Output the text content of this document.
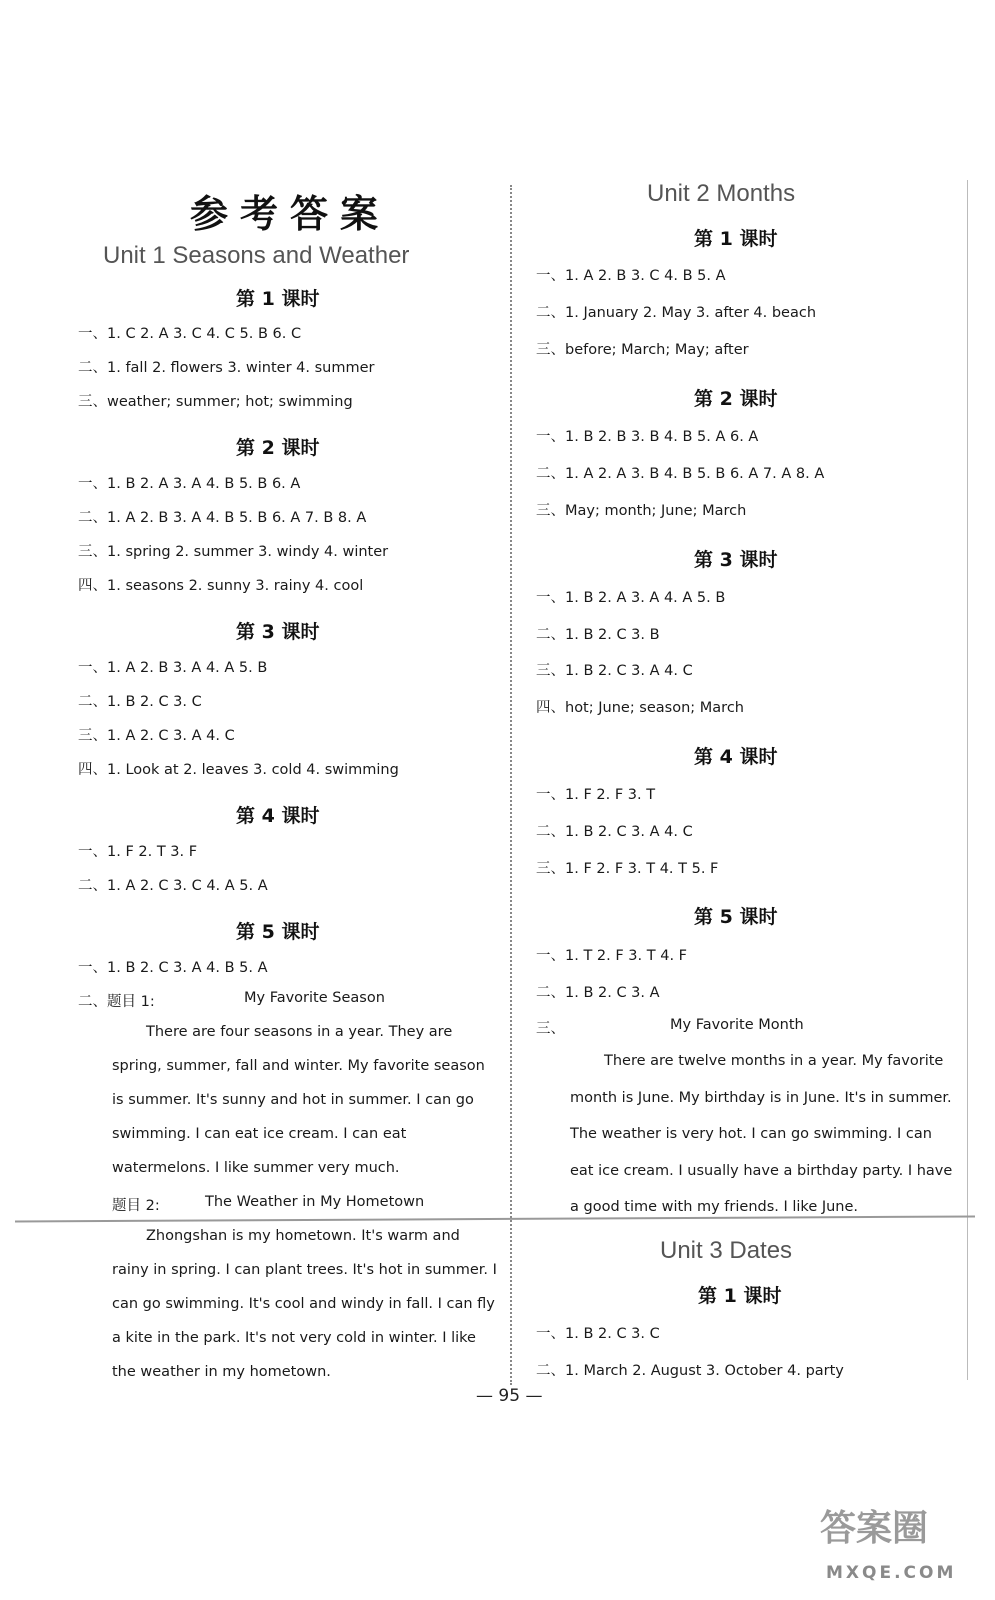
参考答案
Unit 1 Seasons and Weather
第 1 课时
一、1. C 2. A 3. C 4. C 5. B 6. C
二、1. fall 2. flowers 3. winter 4. summer
三、weather; summer; hot; swimming
第 2 课时
一、1. B 2. A 3. A 4. B 5. B 6. A
二、1. A 2. B 3. A 4. B 5. B 6. A 7. B 8. A
三、1. spring 2. summer 3. windy 4. winter
四、1. seasons 2. sunny 3. rainy 4. cool
第 3 课时
一、1. A 2. B 3. A 4. A 5. B
二、1. B 2. C 3. C
三、1. A 2. C 3. A 4. C
四、1. Look at 2. leaves 3. cold 4. swimming
第 4 课时
一、1. F 2. T 3. F
二、1. A 2. C 3. C 4. A 5. A
第 5 课时
一、1. B 2. C 3. A 4. B 5. A
二、题目 1:	My Favorite Season
There are four seasons in a year. They are
spring, summer, fall and winter. My favorite season
is summer. It's sunny and hot in summer. I can go
swimming. I can eat ice cream. I can eat
watermelons. I like summer very much.
题目 2:	The Weather in My Hometown
Zhongshan is my hometown. It's warm and
rainy in spring. I can plant trees. It's hot in summer. I
can go swimming. It's cool and windy in fall. I can fly
a kite in the park. It's not very cold in winter. I like
the weather in my hometown.
Unit 2 Months
第 1 课时
一、1. A 2. B 3. C 4. B 5. A
二、1. January 2. May 3. after 4. beach
三、before; March; May; after
第 2 课时
一、1. B 2. B 3. B 4. B 5. A 6. A
二、1. A 2. A 3. B 4. B 5. B 6. A 7. A 8. A
三、May; month; June; March
第 3 课时
一、1. B 2. A 3. A 4. A 5. B
二、1. B 2. C 3. B
三、1. B 2. C 3. A 4. C
四、hot; June; season; March
第 4 课时
一、1. F 2. F 3. T
二、1. B 2. C 3. A 4. C
三、1. F 2. F 3. T 4. T 5. F
第 5 课时
一、1. T 2. F 3. T 4. F
二、1. B 2. C 3. A
三、	My Favorite Month
There are twelve months in a year. My favorite
month is June. My birthday is in June. It's in summer.
The weather is very hot. I can go swimming. I can
eat ice cream. I usually have a birthday party. I have
a good time with my friends. I like June.
Unit 3 Dates
第 1 课时
一、1. B 2. C 3. C
二、1. March 2. August 3. October 4. party
— 95 —
答案圈
MXQE.COM
